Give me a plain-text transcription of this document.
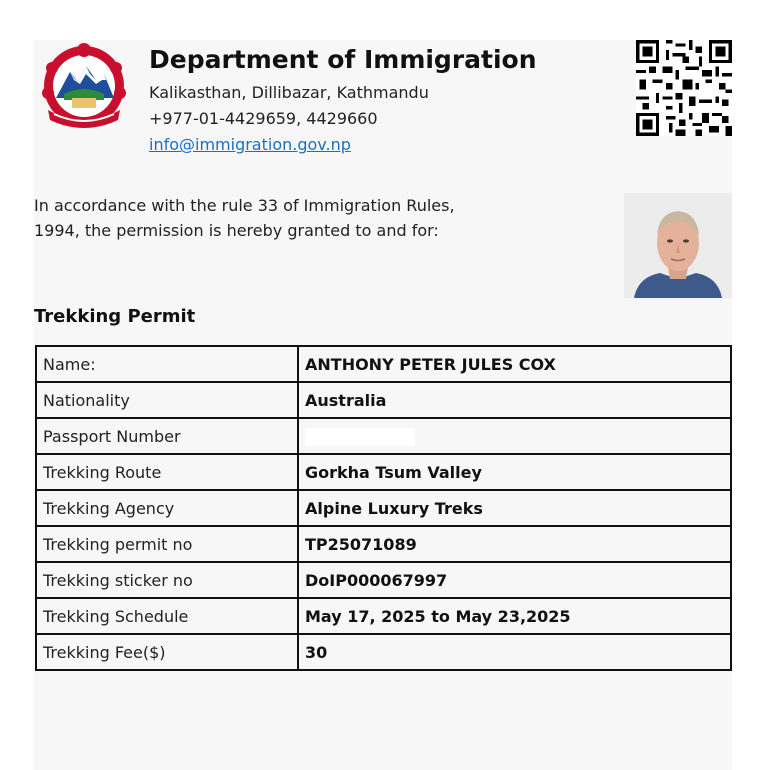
Department of Immigration
Kalikasthan, Dillibazar, Kathmandu
+977-01-4429659, 4429660
info@immigration.gov.np
In accordance with the rule 33 of Immigration Rules,
1994, the permission is hereby granted to and for:
Trekking Permit
Name:	ANTHONY PETER JULES COX
Nationality	Australia
Passport Number	
Trekking Route	Gorkha Tsum Valley
Trekking Agency	Alpine Luxury Treks
Trekking permit no	TP25071089
Trekking sticker no	DoIP000067997
Trekking Schedule	May 17, 2025 to May 23,2025
Trekking Fee($)	30
